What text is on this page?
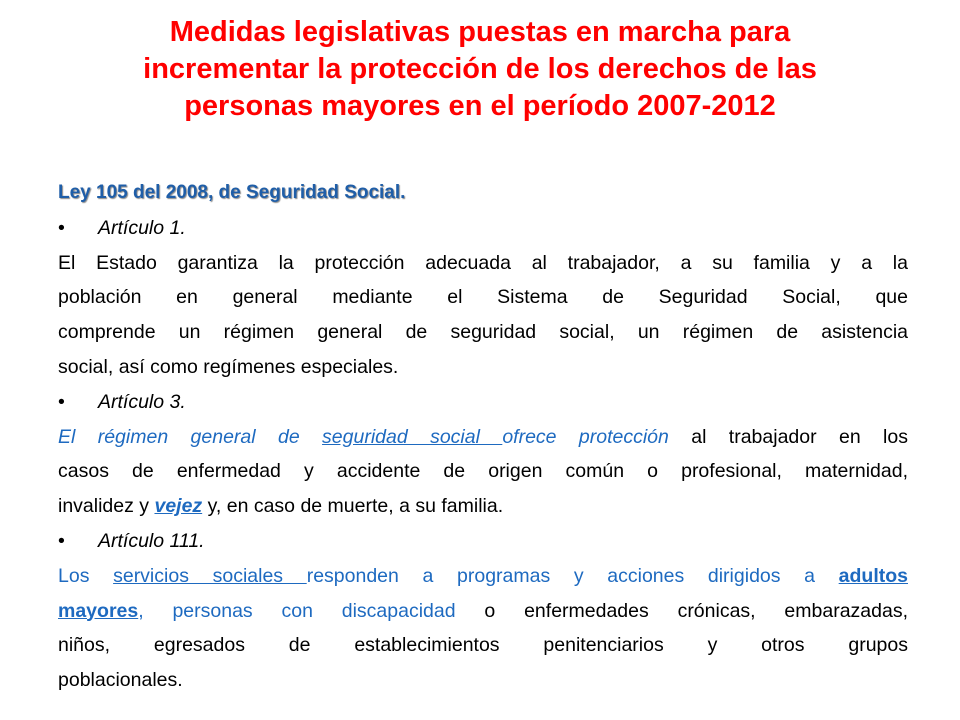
Medidas legislativas puestas en marcha para
incrementar la protección de los derechos de las
personas mayores en el período 2007-2012
Ley 105 del 2008, de Seguridad Social.
• Artículo 1.
El Estado garantiza la protección adecuada al trabajador, a su familia y a la
población en general mediante el Sistema de Seguridad Social, que
comprende un régimen general de seguridad social, un régimen de asistencia
social, así como regímenes especiales.
• Artículo 3.
El régimen general de seguridad social ofrece protección al trabajador en los
casos de enfermedad y accidente de origen común o profesional, maternidad,
invalidez y vejez y, en caso de muerte, a su familia.
• Artículo 111.
Los servicios sociales responden a programas y acciones dirigidos a adultos
mayores, personas con discapacidad o enfermedades crónicas, embarazadas,
niños, egresados de establecimientos penitenciarios y otros grupos
poblacionales.
